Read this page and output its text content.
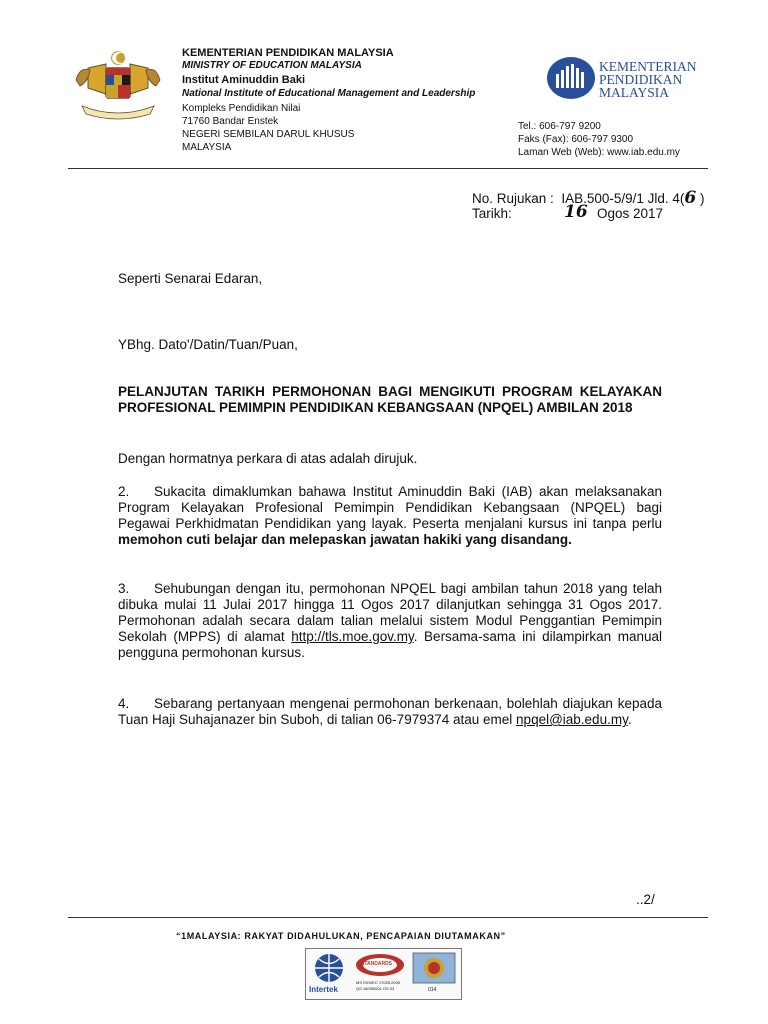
KEMENTERIAN PENDIDIKAN MALAYSIA
MINISTRY OF EDUCATION MALAYSIA
Institut Aminuddin Baki
National Institute of Educational Management and Leadership
Kompleks Pendidikan Nilai
71760 Bandar Enstek
NEGERI SEMBILAN DARUL KHUSUS
MALAYSIA
KEMENTERIAN
PENDIDIKAN
MALAYSIA
Tel.: 606-797 9200
Faks (Fax): 606-797 9300
Laman Web (Web): www.iab.edu.my
No. Rujukan : IAB.500-5/9/1 Jld. 4(6 )
Tarikh:	16 Ogos 2017
Seperti Senarai Edaran,
YBhg. Dato'/Datin/Tuan/Puan,
PELANJUTAN TARIKH PERMOHONAN BAGI MENGIKUTI PROGRAM KELAYAKAN PROFESIONAL PEMIMPIN PENDIDIKAN KEBANGSAAN (NPQEL) AMBILAN 2018
Dengan hormatnya perkara di atas adalah dirujuk.
2. Sukacita dimaklumkan bahawa Institut Aminuddin Baki (IAB) akan melaksanakan Program Kelayakan Profesional Pemimpin Pendidikan Kebangsaan (NPQEL) bagi Pegawai Perkhidmatan Pendidikan yang layak. Peserta menjalani kursus ini tanpa perlu memohon cuti belajar dan melepaskan jawatan hakiki yang disandang.
3. Sehubungan dengan itu, permohonan NPQEL bagi ambilan tahun 2018 yang telah dibuka mulai 11 Julai 2017 hingga 11 Ogos 2017 dilanjutkan sehingga 31 Ogos 2017. Permohonan adalah secara dalam talian melalui sistem Modul Penggantian Pemimpin Sekolah (MPPS) di alamat http://tls.moe.gov.my. Bersama-sama ini dilampirkan manual pengguna permohonan kursus.
4. Sebarang pertanyaan mengenai permohonan berkenaan, bolehlah diajukan kepada Tuan Haji Suhajanazer bin Suboh, di talian 06-7979374 atau emel npqel@iab.edu.my.
..2/
“1MALAYSIA: RAKYAT DIDAHULUKAN, PENCAPAIAN DIUTAMAKAN”
Intertek
STANDARDS
MS ISO/IEC 17025:2005
QS 16093/001 OS 03	014
